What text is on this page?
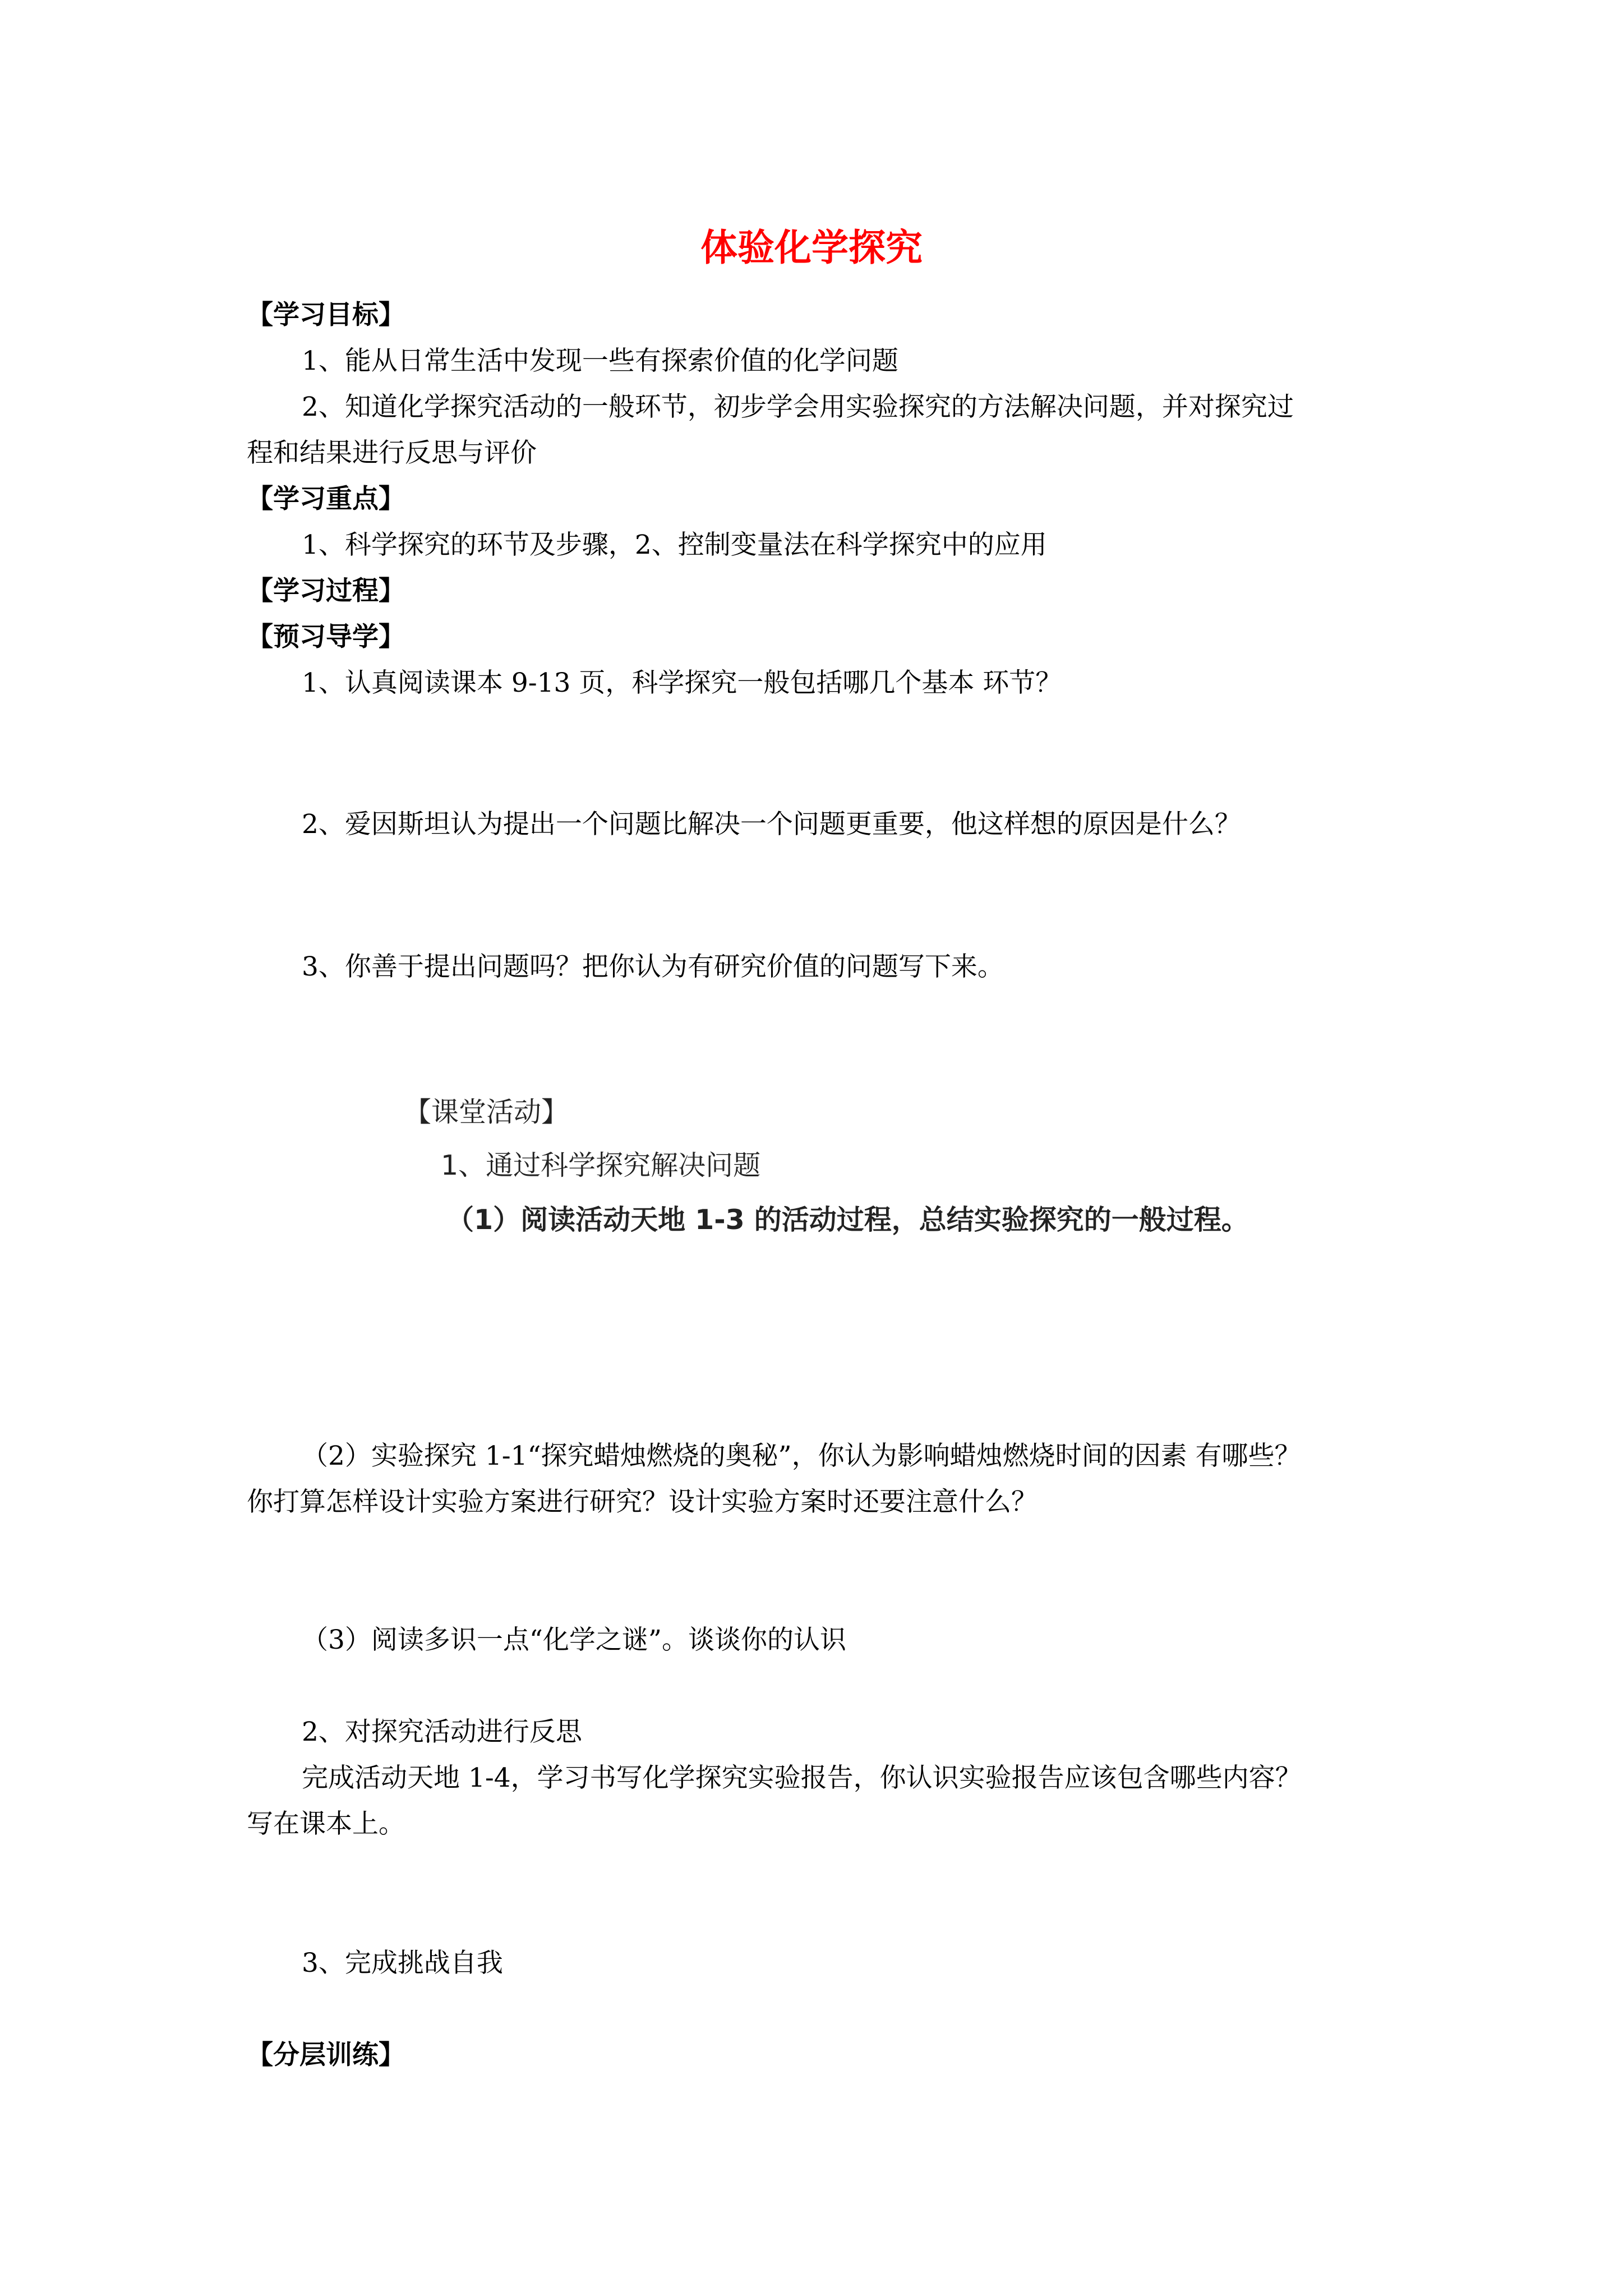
体验化学探究
【学习目标】
1、能从日常生活中发现一些有探索价值的化学问题
2、知道化学探究活动的一般环节，初步学会用实验探究的方法解决问题，并对探究过
程和结果进行反思与评价
【学习重点】
1、科学探究的环节及步骤，2、控制变量法在科学探究中的应用
【学习过程】
【预习导学】
1、认真阅读课本 9-13 页，科学探究一般包括哪几个基本 环节？
2、爱因斯坦认为提出一个问题比解决一个问题更重要，他这样想的原因是什么？
3、你善于提出问题吗？把你认为有研究价值的问题写下来。
【课堂活动】
1、通过科学探究解决问题
（1）阅读活动天地 1-3 的活动过程，总结实验探究的一般过程。
（2）实验探究 1-1“探究蜡烛燃烧的奥秘”，你认为影响蜡烛燃烧时间的因素 有哪些？
你打算怎样设计实验方案进行研究？设计实验方案时还要注意什么？
（3）阅读多识一点“化学之谜”。谈谈你的认识
2、对探究活动进行反思
完成活动天地 1-4，学习书写化学探究实验报告，你认识实验报告应该包含哪些内容？
写在课本上。
3、完成挑战自我
【分层训练】
